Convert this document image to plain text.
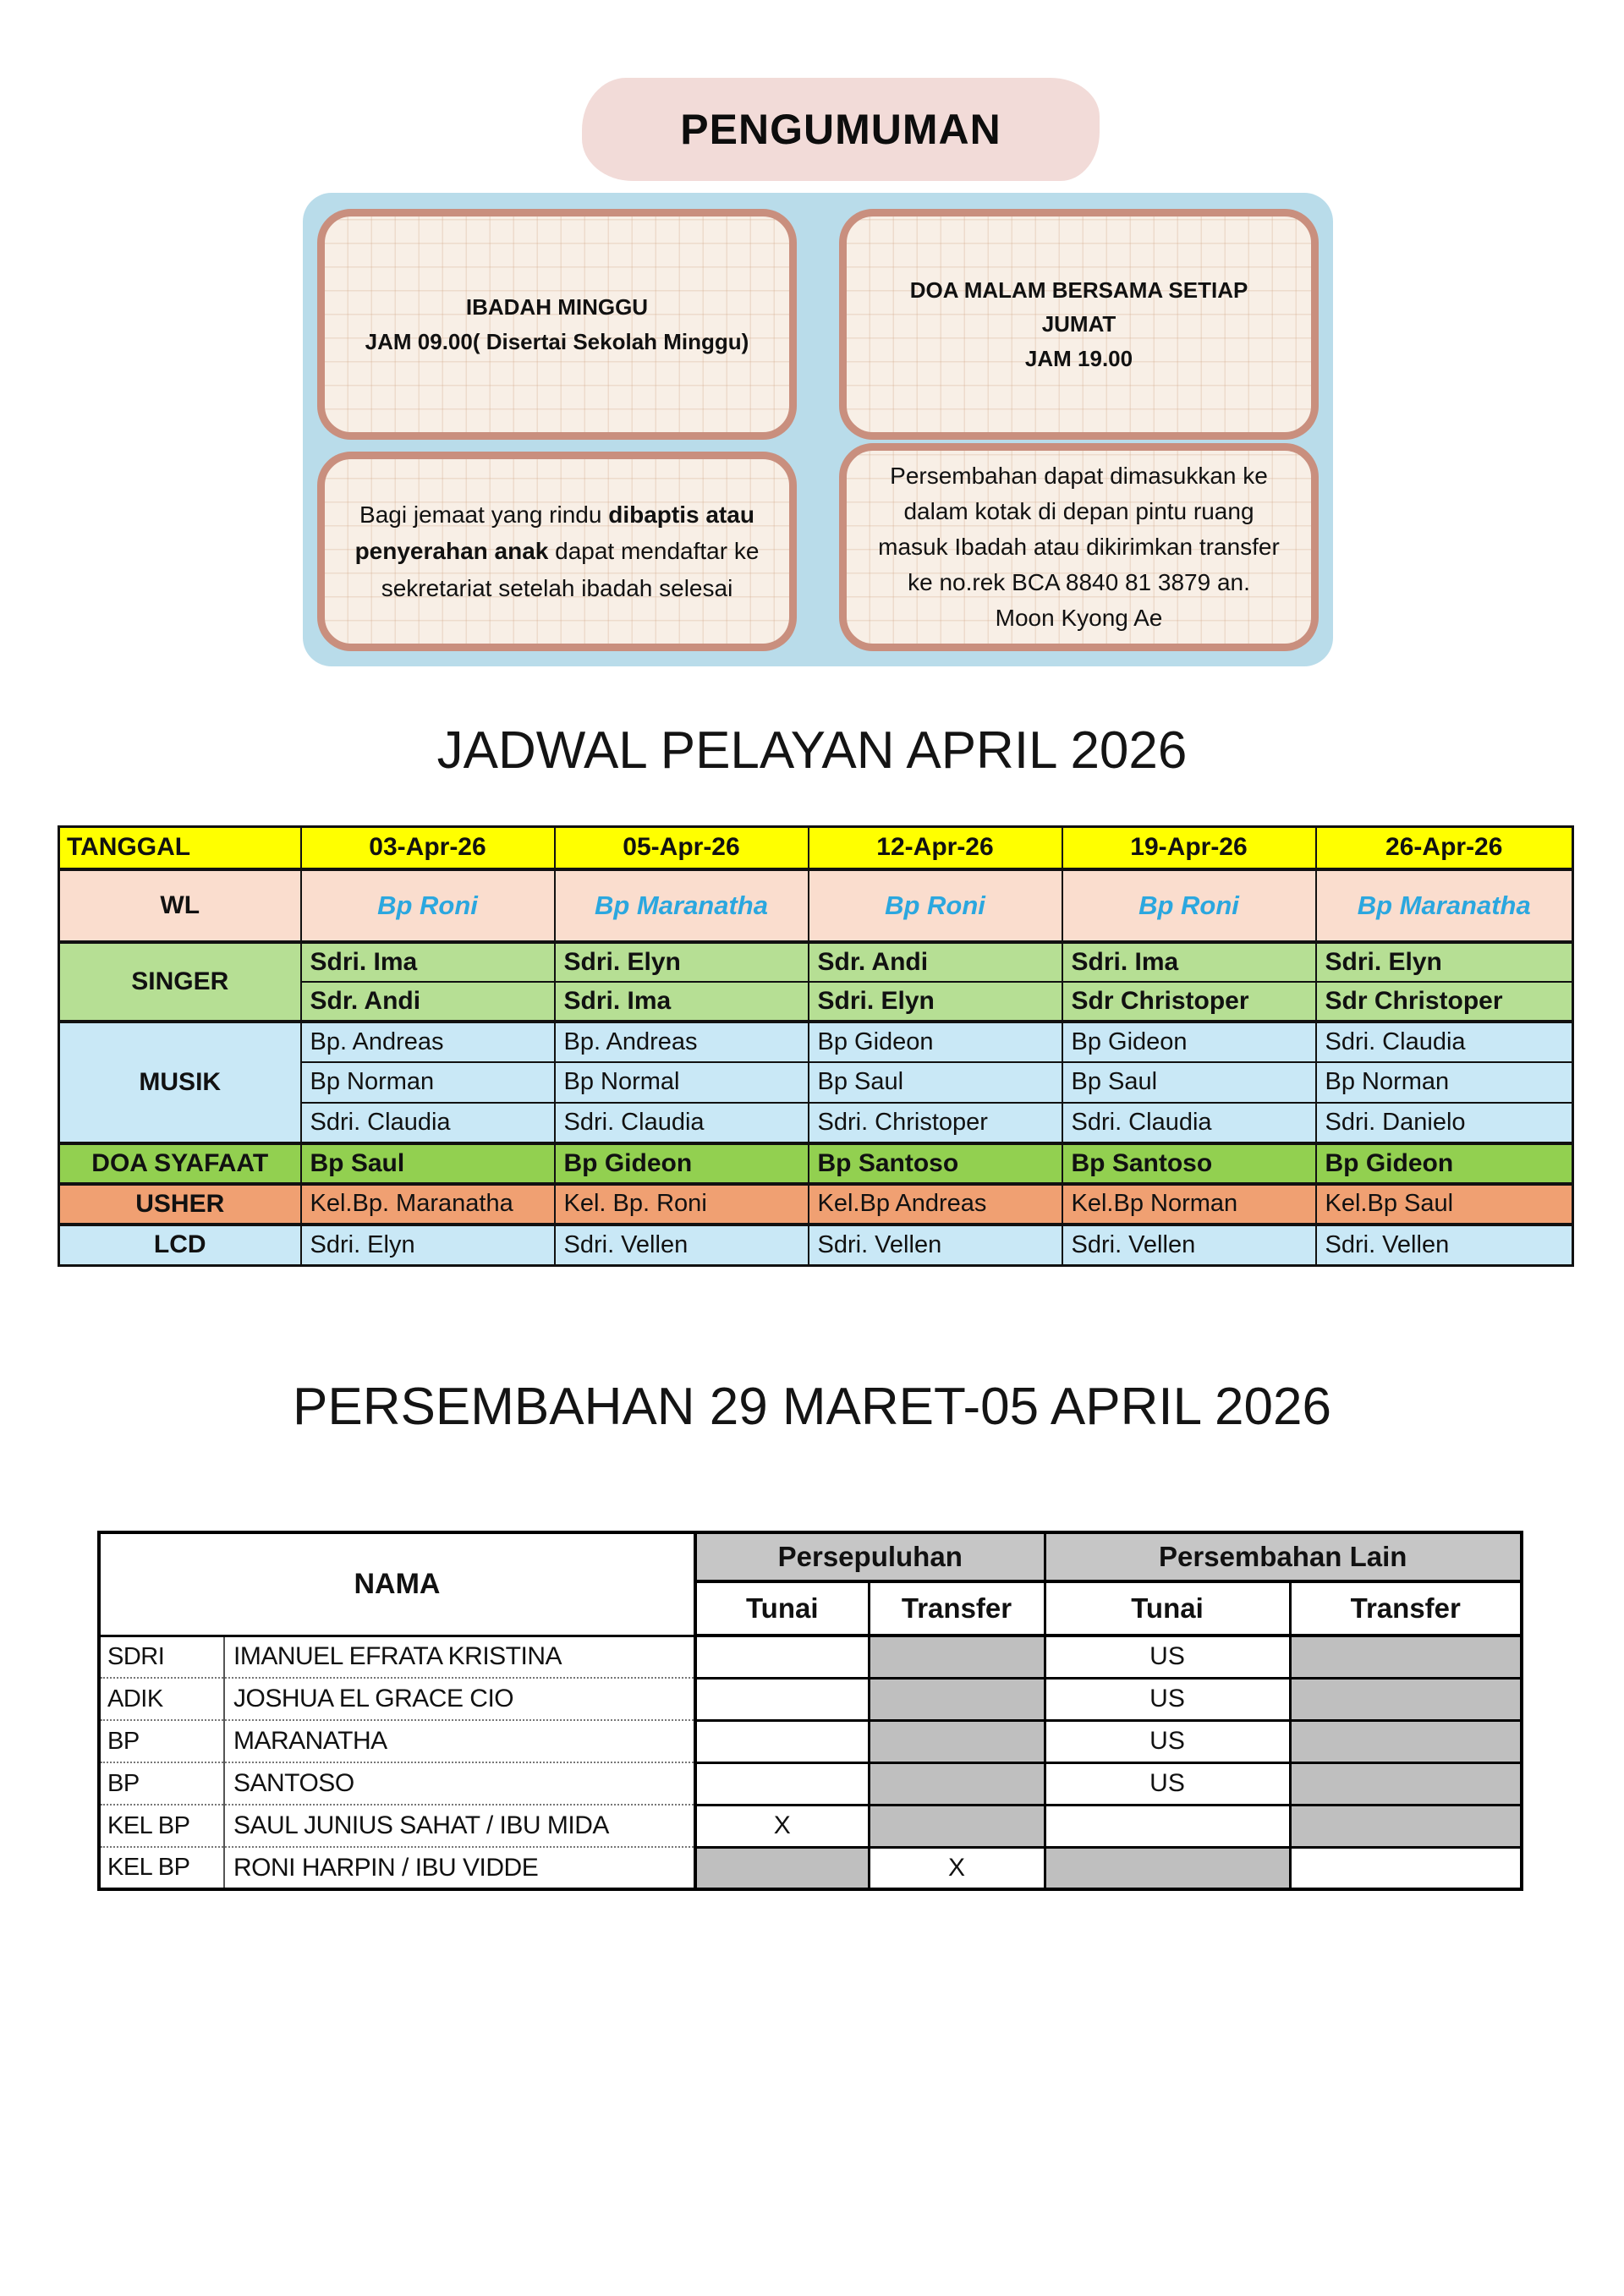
PENGUMUMAN
IBADAH MINGGU
JAM 09.00( Disertai Sekolah Minggu)
DOA MALAM BERSAMA SETIAP JUMAT
JAM 19.00
Bagi jemaat yang rindu dibaptis atau penyerahan anak dapat mendaftar ke sekretariat setelah ibadah selesai
Persembahan dapat dimasukkan ke dalam kotak di depan pintu ruang masuk Ibadah atau dikirimkan transfer ke no.rek BCA 8840 81 3879 an. Moon Kyong Ae
JADWAL PELAYAN APRIL 2026
TANGGAL	03-Apr-26	05-Apr-26	12-Apr-26	19-Apr-26	26-Apr-26
WL	Bp Roni	Bp Maranatha	Bp Roni	Bp Roni	Bp Maranatha
SINGER	Sdri. Ima	Sdri. Elyn	Sdr. Andi	Sdri. Ima	Sdri. Elyn
	Sdr. Andi	Sdri. Ima	Sdri. Elyn	Sdr Christoper	Sdr Christoper
MUSIK	Bp. Andreas	Bp. Andreas	Bp Gideon	Bp Gideon	Sdri. Claudia
	Bp Norman	Bp Normal	Bp Saul	Bp Saul	Bp Norman
	Sdri. Claudia	Sdri. Claudia	Sdri. Christoper	Sdri. Claudia	Sdri. Danielo
DOA SYAFAAT	Bp Saul	Bp Gideon	Bp Santoso	Bp Santoso	Bp Gideon
USHER	Kel.Bp. Maranatha	Kel. Bp. Roni	Kel.Bp Andreas	Kel.Bp Norman	Kel.Bp Saul
LCD	Sdri. Elyn	Sdri. Vellen	Sdri. Vellen	Sdri. Vellen	Sdri. Vellen
PERSEMBAHAN 29 MARET-05 APRIL 2026
NAMA		Persepuluhan		Persembahan Lain	
		Tunai	Transfer	Tunai	Transfer
SDRI	IMANUEL EFRATA KRISTINA			US	
ADIK	JOSHUA EL GRACE CIO			US	
BP	MARANATHA			US	
BP	SANTOSO			US	
KEL BP	SAUL JUNIUS SAHAT / IBU MIDA	X			
KEL BP	RONI HARPIN / IBU VIDDE		X		
